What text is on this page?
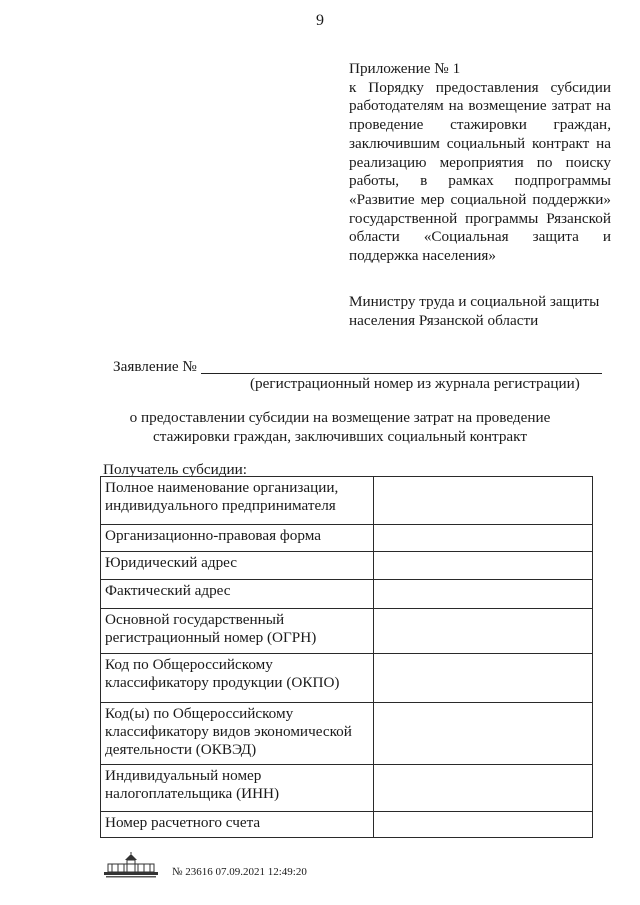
9
Приложение № 1
к Порядку предоставления субсидии
работодателям на возмещение затрат на
проведение стажировки граждан,
заключившим социальный контракт на
реализацию мероприятия по поиску
работы, в рамках подпрограммы
«Развитие мер социальной поддержки»
государственной программы Рязанской
области «Социальная защита и
поддержка населения»
Министру труда и социальной защиты
населения Рязанской области
Заявление №
(регистрационный номер из журнала регистрации)
о предоставлении субсидии на возмещение затрат на проведение
стажировки граждан, заключивших социальный контракт
Получатель субсидии:
Полное наименование организации, индивидуального предпринимателя	
Организационно-правовая форма	
Юридический адрес	
Фактический адрес	
Основной государственный регистрационный номер (ОГРН)	
Код по Общероссийскому классификатору продукции (ОКПО)	
Код(ы) по Общероссийскому классификатору видов экономической деятельности (ОКВЭД)	
Индивидуальный номер налогоплательщика (ИНН)	
Номер расчетного счета	
№ 23616 07.09.2021 12:49:20
